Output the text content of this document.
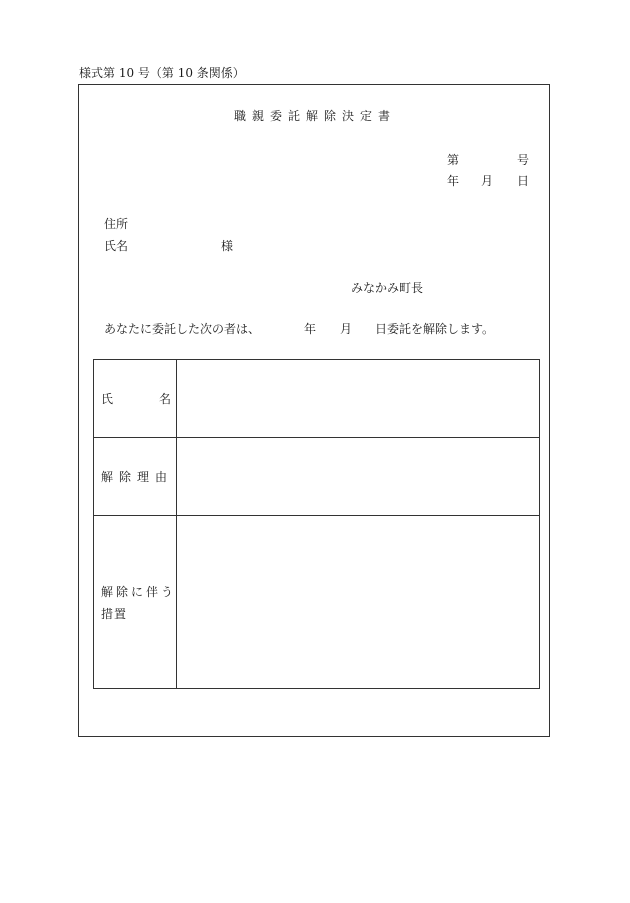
様式第 10 号（第 10 条関係）
職親委託解除決定書
第	号
年 月 日
住所
氏名	様
みなかみ町長
あなたに委託した次の者は、	年 月 日委託を解除します。
氏	名
解除理由
解除に伴う
措置
